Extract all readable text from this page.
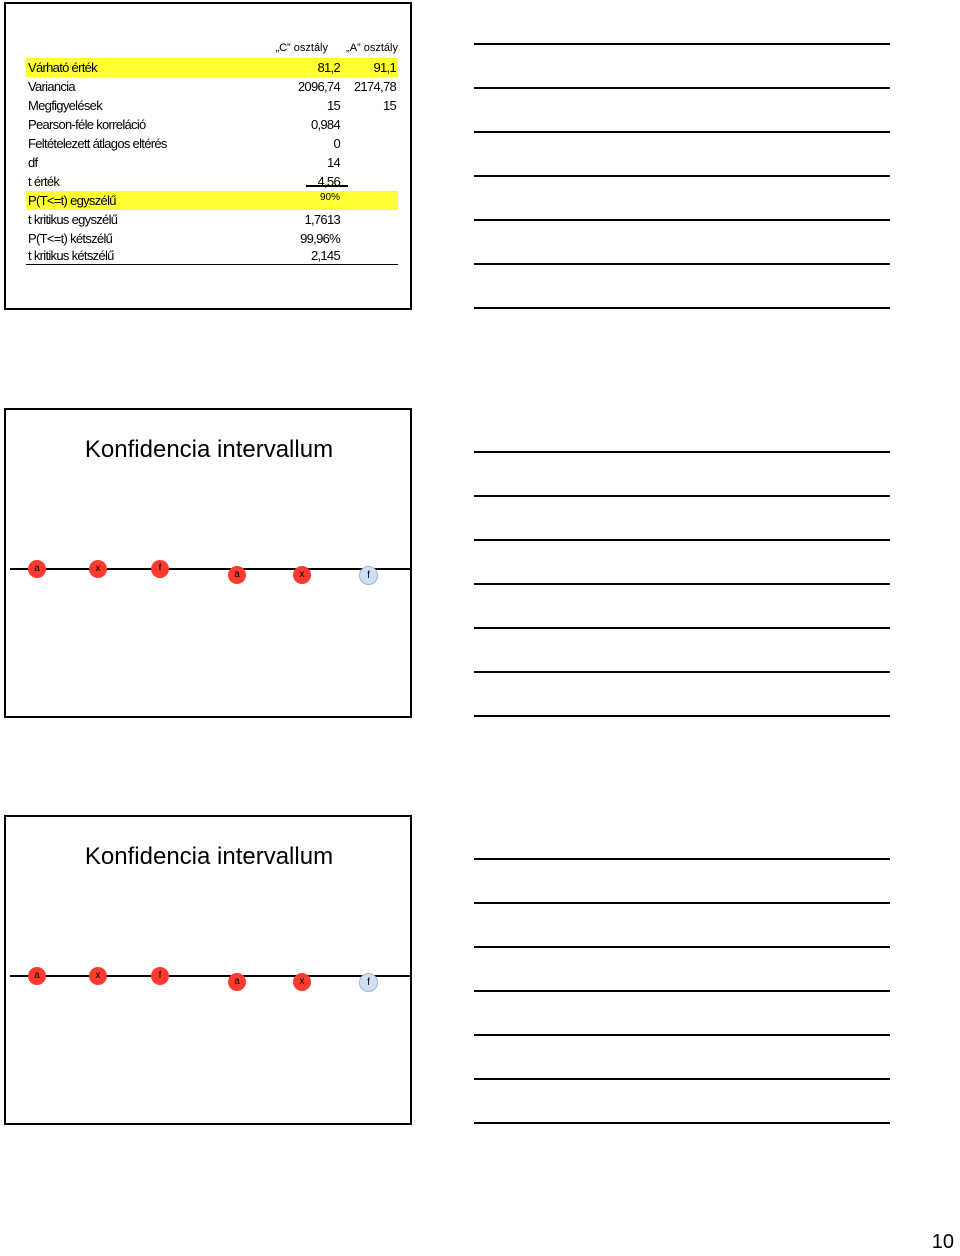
„C” osztály „A” osztály
Várható érték	81,2	91,1
Variancia	2096,74 2174,78
Megfigyelések	15	15
Pearson-féle korreláció	0,984
Feltételezett átlagos eltérés	0
df	14
t érték	4,56
P(T<=t) egyszélű	90%
t kritikus egyszélű	1,7613
P(T<=t) kétszélű	99,96%
t kritikus kétszélű	2,145
Konfidencia intervallum
a	x	f
a	x	f
Konfidencia intervallum
a	x	f
a	x	f
10
